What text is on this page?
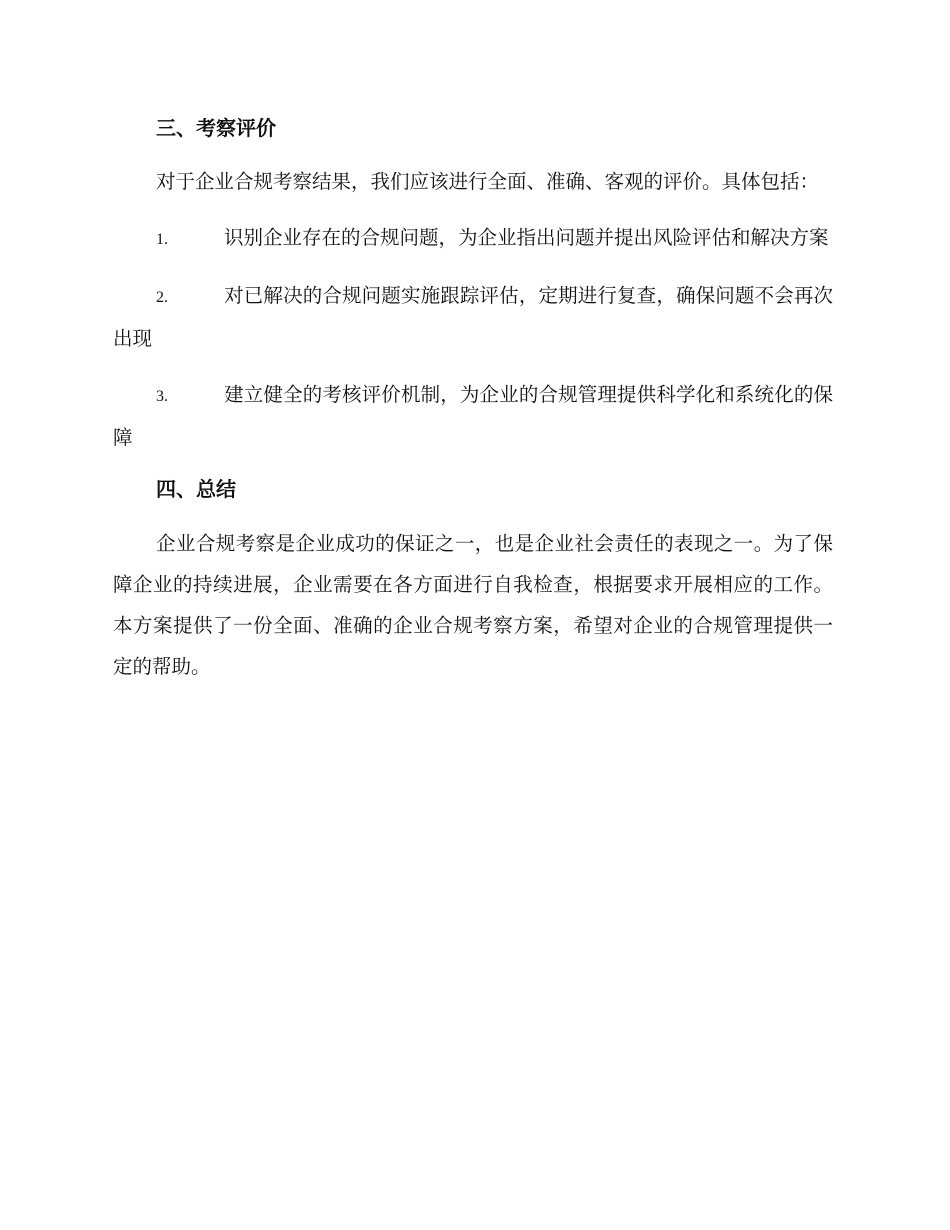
三、考察评价

对于企业合规考察结果，我们应该进行全面、准确、客观的评价。具体包括：

1.	识别企业存在的合规问题，为企业指出问题并提出风险评估和解决方案
2.	对已解决的合规问题实施跟踪评估，定期进行复查，确保问题不会再次出现
3.	建立健全的考核评价机制，为企业的合规管理提供科学化和系统化的保障
四、总结

企业合规考察是企业成功的保证之一，也是企业社会责任的表现之一。为了保障企业的持续进展，企业需要在各方面进行自我检查，根据要求开展相应的工作。本方案提供了一份全面、准确的企业合规考察方案，希望对企业的合规管理提供一定的帮助。
